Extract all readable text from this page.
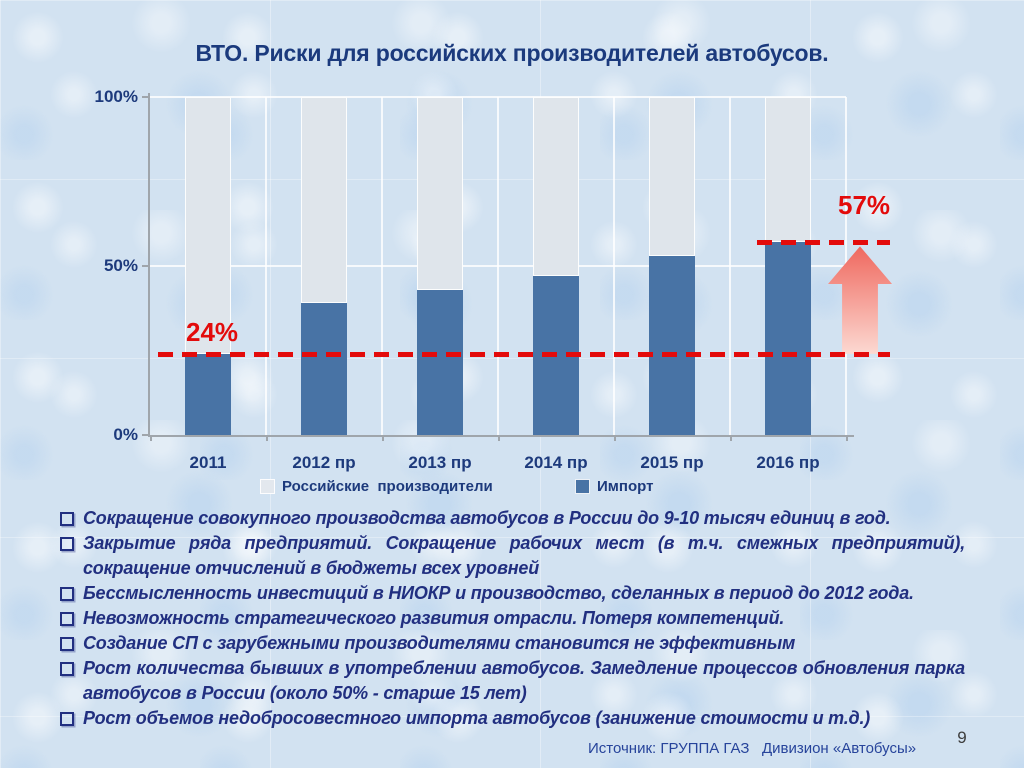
ВТО. Риски для российских производителей автобусов.
0%
50%
100%
2011	2012 пр	2013 пр	2014 пр	2015 пр	2016 пр
24%
57%
Российские  производители	Импорт
Сокращение совокупного производства автобусов в России до 9-10 тысяч единиц в год.
Закрытие ряда предприятий. Сокращение рабочих мест (в т.ч. смежных предприятий), сокращение отчислений в бюджеты всех уровней
Бессмысленность инвестиций в НИОКР и производство, сделанных в период до 2012 года.
Невозможность стратегического развития отрасли. Потеря компетенций.
Создание СП с зарубежными производителями становится не эффективным
Рост количества бывших в употреблении автобусов. Замедление процессов обновления парка автобусов в России (около 50% - старше 15 лет)
Рост объемов недобросовестного импорта автобусов (занижение стоимости и т.д.)
Источник: ГРУППА ГАЗ   Дивизион «Автобусы»
9
